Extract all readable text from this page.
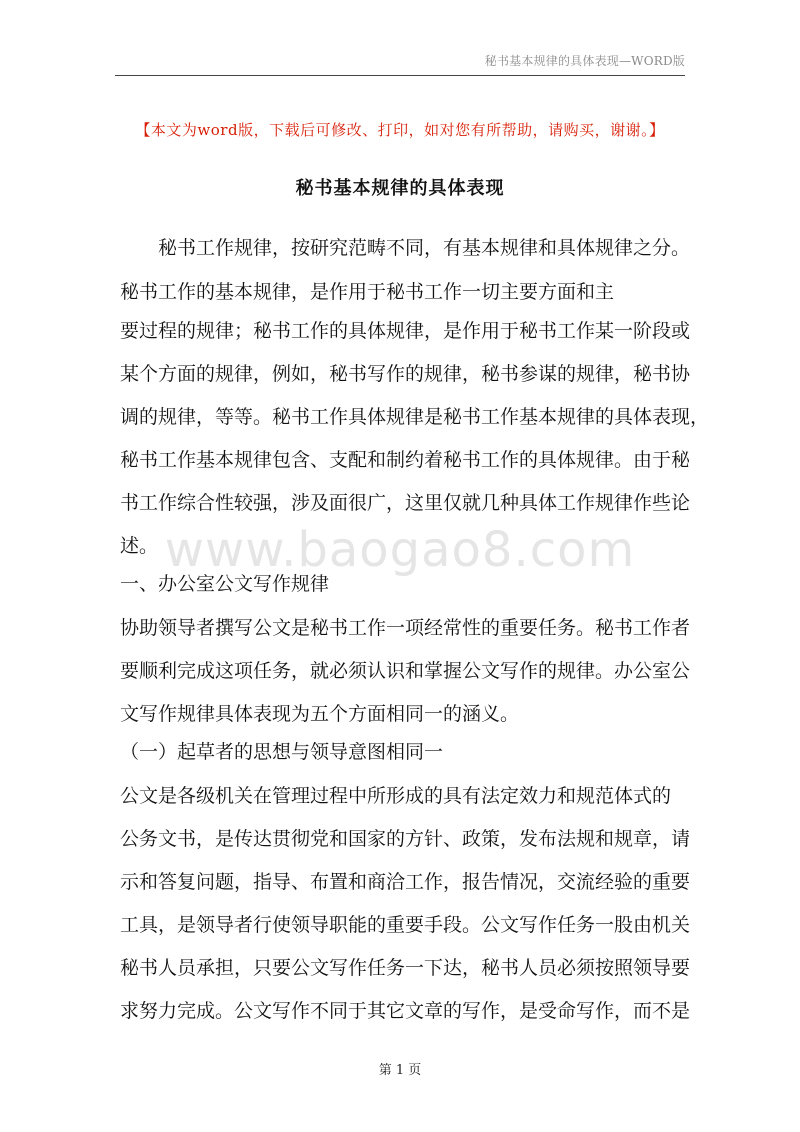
秘书基本规律的具体表现—WORD版
【本文为word版，下载后可修改、打印，如对您有所帮助，请购买，谢谢。】
秘书基本规律的具体表现
www.baogao8.com
　　秘书工作规律，按研究范畴不同，有基本规律和具体规律之分。
秘书工作的基本规律，是作用于秘书工作一切主要方面和主
要过程的规律；秘书工作的具体规律，是作用于秘书工作某一阶段或
某个方面的规律，例如，秘书写作的规律，秘书参谋的规律，秘书协
调的规律，等等。秘书工作具体规律是秘书工作基本规律的具体表现，
秘书工作基本规律包含、支配和制约着秘书工作的具体规律。由于秘
书工作综合性较强，涉及面很广，这里仅就几种具体工作规律作些论
述。
一、办公室公文写作规律
协助领导者撰写公文是秘书工作一项经常性的重要任务。秘书工作者
要顺利完成这项任务，就必须认识和掌握公文写作的规律。办公室公
文写作规律具体表现为五个方面相同一的涵义。
（一）起草者的思想与领导意图相同一
公文是各级机关在管理过程中所形成的具有法定效力和规范体式的
公务文书，是传达贯彻党和国家的方针、政策，发布法规和规章，请
示和答复问题，指导、布置和商洽工作，报告情况，交流经验的重要
工具，是领导者行使领导职能的重要手段。公文写作任务一股由机关
秘书人员承担，只要公文写作任务一下达，秘书人员必须按照领导要
求努力完成。公文写作不同于其它文章的写作，是受命写作，而不是
第 1 页
